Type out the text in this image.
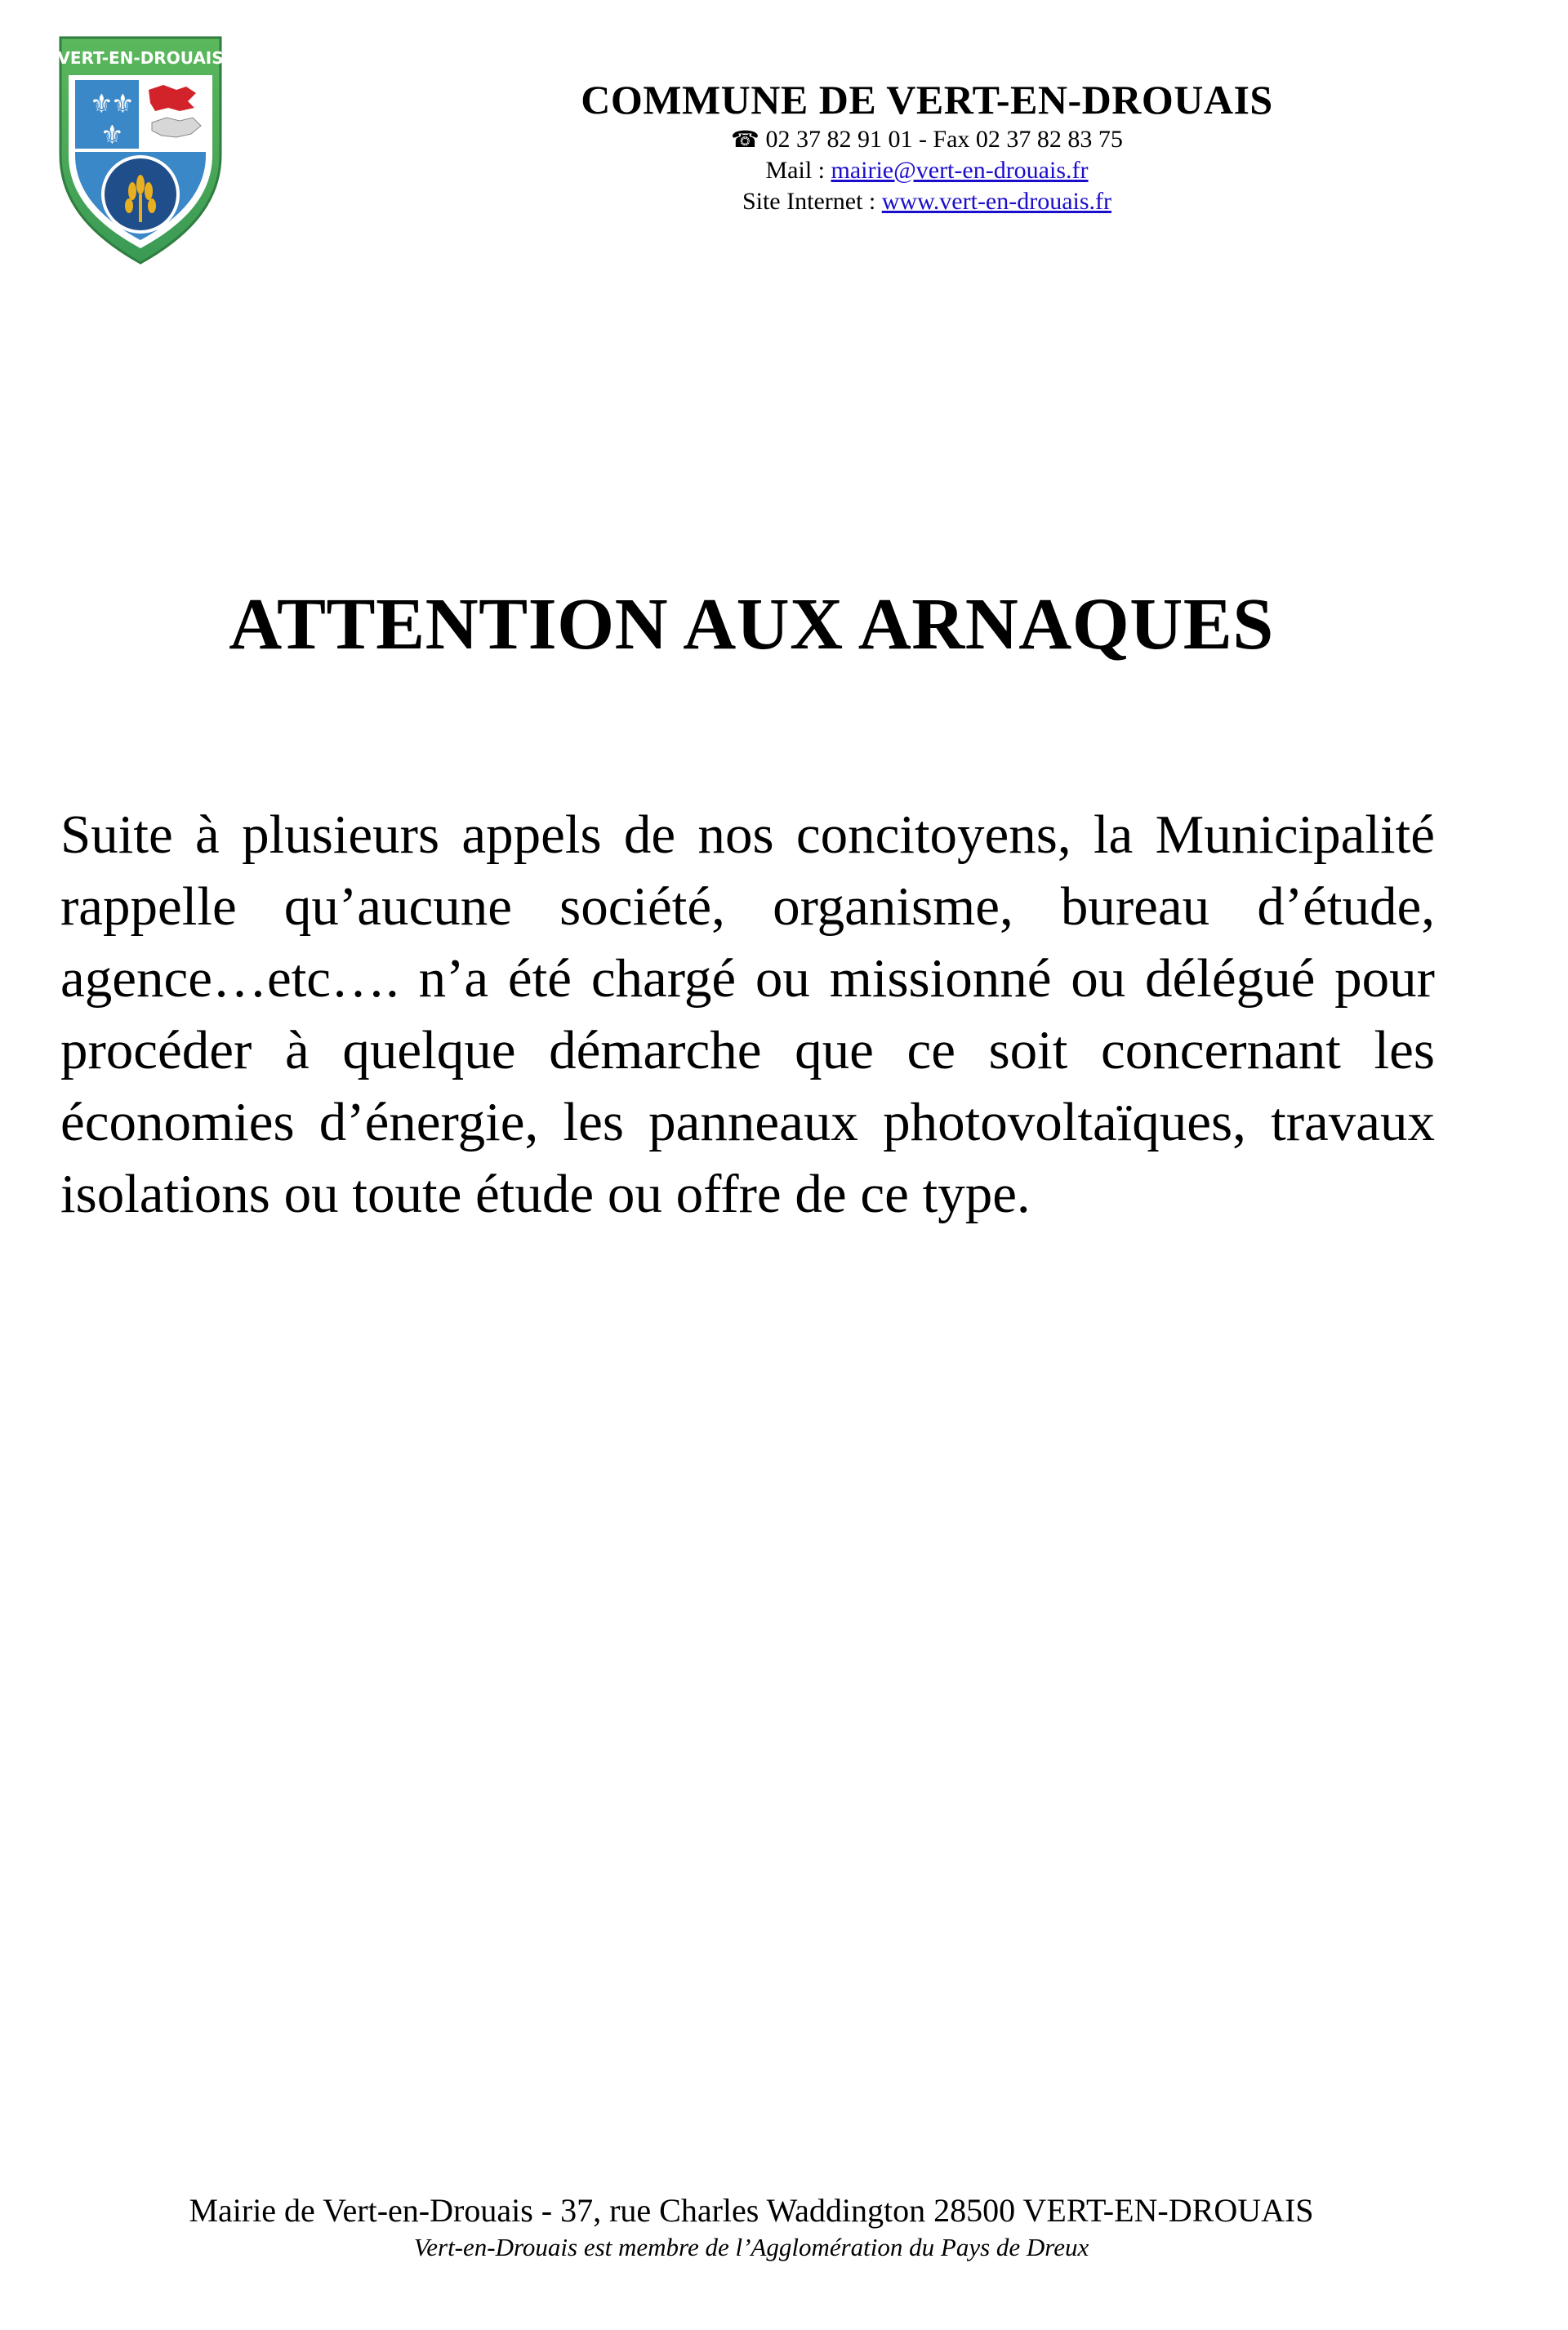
⚜
⚜
⚜
VERT-EN-DROUAIS
COMMUNE DE VERT-EN-DROUAIS
☎ 02 37 82 91 01 - Fax 02 37 82 83 75
Mail : mairie@vert-en-drouais.fr
Site Internet : www.vert-en-drouais.fr
ATTENTION AUX ARNAQUES
Suite à plusieurs appels de nos concitoyens, la Municipalité rappelle qu’aucune société, organisme, bureau d’étude, agence…etc…. n’a été chargé ou missionné ou délégué pour procéder à quelque démarche que ce soit concernant les économies d’énergie, les panneaux photovoltaïques, travaux isolations ou toute étude ou offre de ce type.
Mairie de Vert-en-Drouais - 37, rue Charles Waddington 28500 VERT-EN-DROUAIS
Vert-en-Drouais est membre de l’Agglomération du Pays de Dreux
